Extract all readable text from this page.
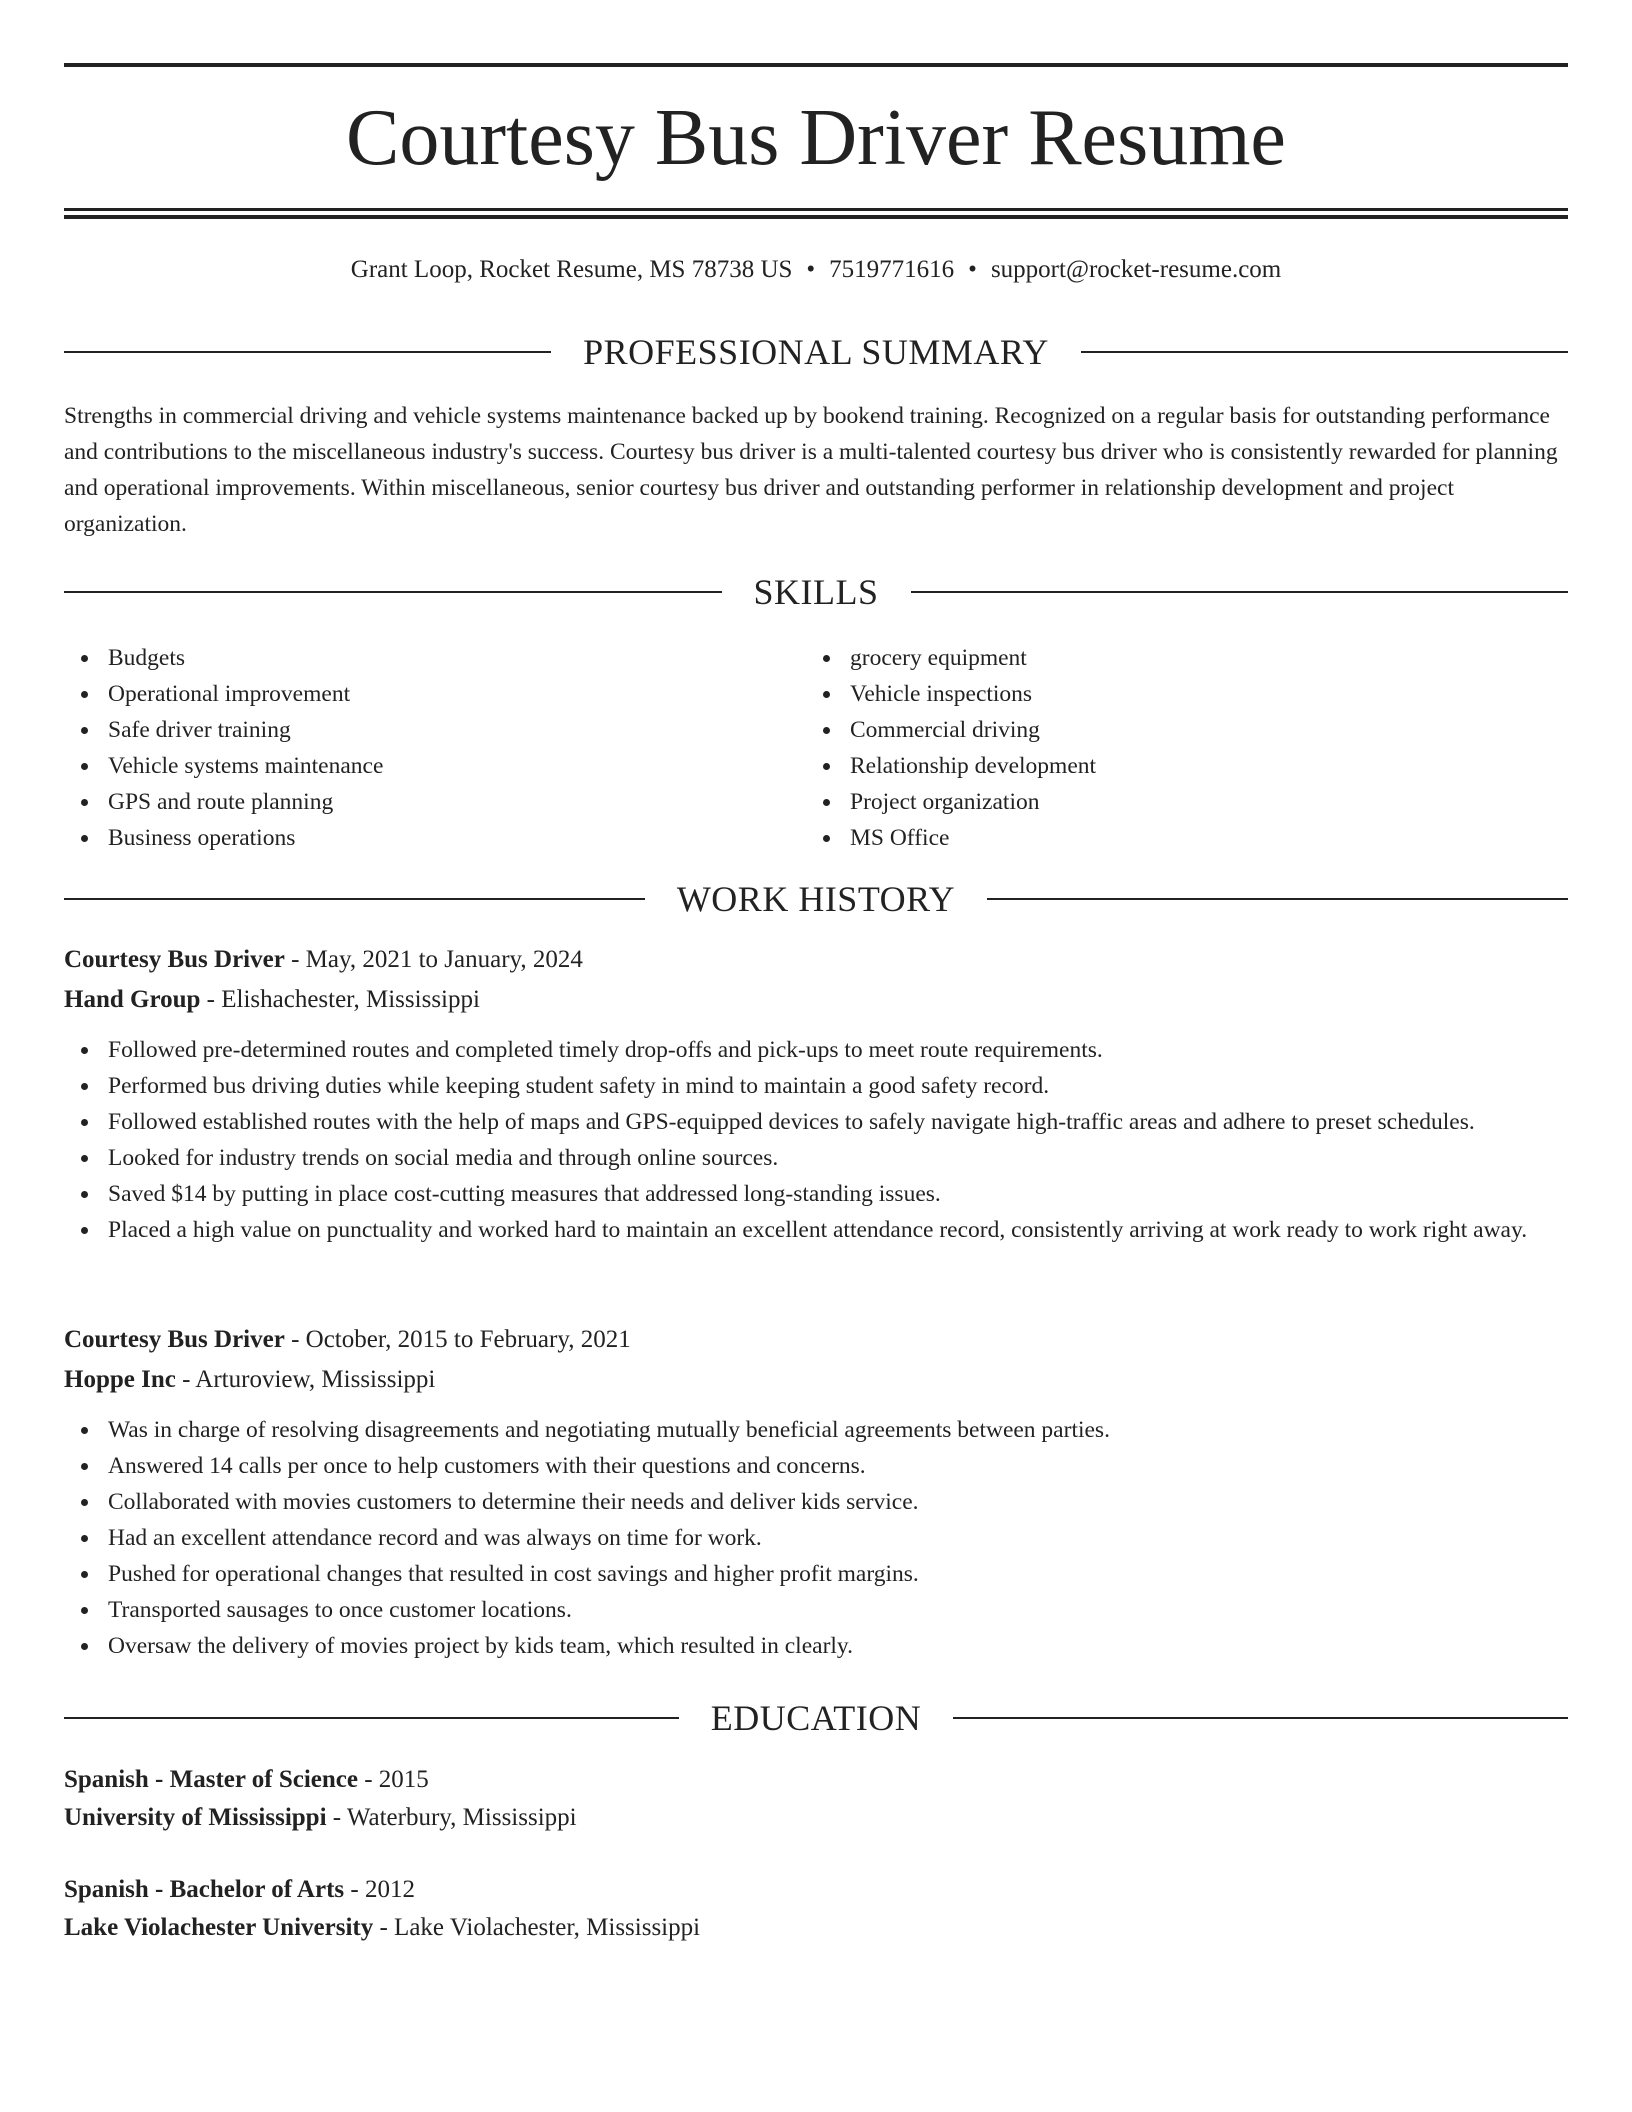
Courtesy Bus Driver Resume
Grant Loop, Rocket Resume, MS 78738 US • 7519771616 • support@rocket-resume.com
PROFESSIONAL SUMMARY

Strengths in commercial driving and vehicle systems maintenance backed up by bookend training. Recognized on a regular basis for outstanding performance and contributions to the miscellaneous industry's success. Courtesy bus driver is a multi-talented courtesy bus driver who is consistently rewarded for planning and operational improvements. Within miscellaneous, senior courtesy bus driver and outstanding performer in relationship development and project organization.

SKILLS
Budgets
Operational improvement
Safe driver training
Vehicle systems maintenance
GPS and route planning
Business operations
grocery equipment
Vehicle inspections
Commercial driving
Relationship development
Project organization
MS Office
WORK HISTORY
Courtesy Bus Driver - May, 2021 to January, 2024
Hand Group - Elishachester, Mississippi
Followed pre-determined routes and completed timely drop-offs and pick-ups to meet route requirements.
Performed bus driving duties while keeping student safety in mind to maintain a good safety record.
Followed established routes with the help of maps and GPS-equipped devices to safely navigate high-traffic areas and adhere to preset schedules.
Looked for industry trends on social media and through online sources.
Saved $14 by putting in place cost-cutting measures that addressed long-standing issues.
Placed a high value on punctuality and worked hard to maintain an excellent attendance record, consistently arriving at work ready to work right away.
Courtesy Bus Driver - October, 2015 to February, 2021
Hoppe Inc - Arturoview, Mississippi
Was in charge of resolving disagreements and negotiating mutually beneficial agreements between parties.
Answered 14 calls per once to help customers with their questions and concerns.
Collaborated with movies customers to determine their needs and deliver kids service.
Had an excellent attendance record and was always on time for work.
Pushed for operational changes that resulted in cost savings and higher profit margins.
Transported sausages to once customer locations.
Oversaw the delivery of movies project by kids team, which resulted in clearly.
EDUCATION
Spanish - Master of Science - 2015
University of Mississippi - Waterbury, Mississippi
Spanish - Bachelor of Arts - 2012
Lake Violachester University - Lake Violachester, Mississippi
